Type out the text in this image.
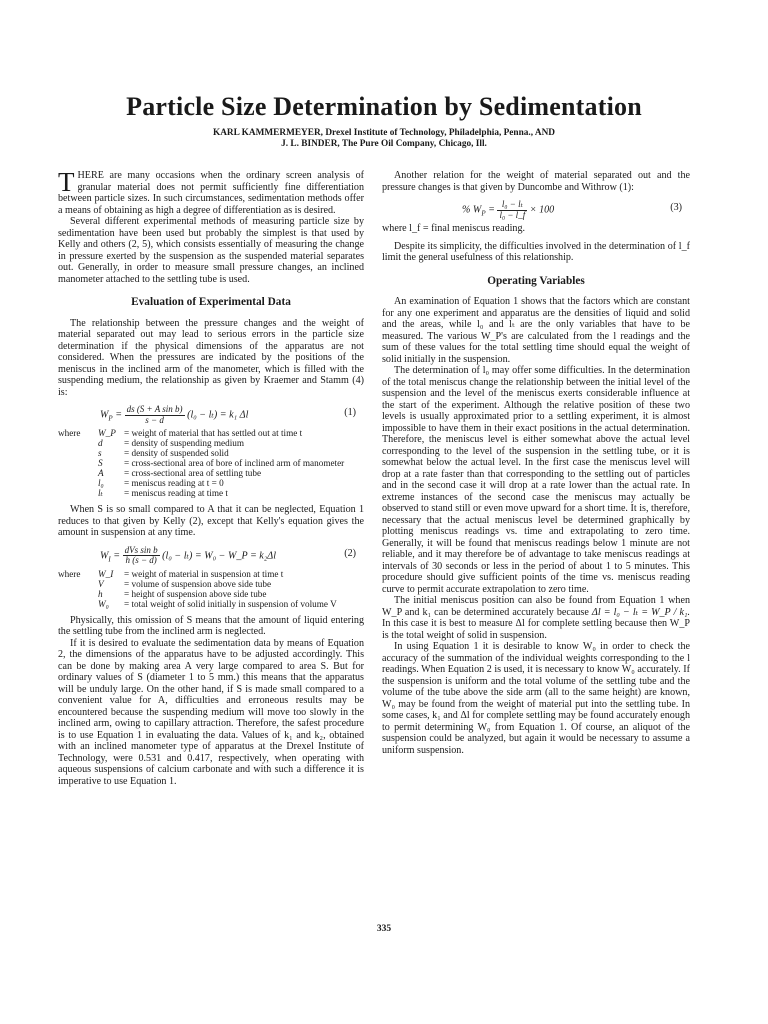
Particle Size Determination by Sedimentation
KARL KAMMERMEYER, Drexel Institute of Technology, Philadelphia, Penna., AND
J. L. BINDER, The Pure Oil Company, Chicago, Ill.

THERE are many occasions when the ordinary screen analysis of granular material does not permit sufficiently fine differentiation between particle sizes. In such circumstances, sedimentation methods offer a means of obtaining as high a degree of differentiation as is desired.

Several different experimental methods of measuring particle size by sedimentation have been used but probably the simplest is that used by Kelly and others (2, 5), which consists essentially of measuring the change in pressure exerted by the suspension as the suspended material separates out. Generally, in order to measure small pressure changes, an inclined manometer attached to the settling tube is used.

Evaluation of Experimental Data

The relationship between the pressure changes and the weight of material separated out may lead to serious errors in the particle size determination if the physical dimensions of the apparatus are not considered. When the pressures are indicated by the positions of the meniscus in the inclined arm of the manometer, which is filled with the suspending medium, the relationship as given by Kraemer and Stamm (4) is:

$W_P = \frac{\text{ds (S + A sin b)}}{s - d} (l_0 - l_t) = k_1$ Δl	(1)
where	W_P	= weight of material that has settled out at time t
	d	= density of suspending medium
	s	= density of suspended solid
	S	= cross-sectional area of bore of inclined arm of manometer
	A	= cross-sectional area of settling tube
	l₀	= meniscus reading at t = 0
	lₜ	= meniscus reading at time t

When S is so small compared to A that it can be neglected, Equation 1 reduces to that given by Kelly (2), except that Kelly's equation gives the amount in suspension at any time.

$W_I = \frac{\text{dVs sin b}}{h (s - d)} (l_0 - l_t) = W_0$ − W_P = k₂Δl	(2)
where	W_I	= weight of material in suspension at time t
	V	= volume of suspension above side tube
	h	= height of suspension above side tube
	W₀	= total weight of solid initially in suspension of volume V

Physically, this omission of S means that the amount of liquid entering the settling tube from the inclined arm is neglected.

If it is desired to evaluate the sedimentation data by means of Equation 2, the dimensions of the apparatus have to be adjusted accordingly. This can be done by making area A very large compared to area S. But for ordinary values of S (diameter 1 to 5 mm.) this means that the apparatus will be unduly large. On the other hand, if S is made small compared to a convenient value for A, difficulties and erroneous results may be encountered because the suspending medium will move too slowly in the inclined arm, owing to capillary attraction. Therefore, the safest procedure is to use Equation 1 in evaluating the data. Values of k₁ and k₂, obtained with an inclined manometer type of apparatus at the Drexel Institute of Technology, were 0.531 and 0.417, respectively, when operating with aqueous suspensions of calcium carbonate and with such a difference it is imperative to use Equation 1.

Another relation for the weight of material separated out and the pressure changes is that given by Duncombe and Withrow (1):

% $W_P = \frac{\text{l₀ − lₜ}}{\text{l₀ − l\_f}} \times 100$	(3)

where l_f = final meniscus reading.

Despite its simplicity, the difficulties involved in the determination of l_f limit the general usefulness of this relationship.

Operating Variables

An examination of Equation 1 shows that the factors which are constant for any one experiment and apparatus are the densities of liquid and solid and the areas, while l₀ and lₜ are the only variables that have to be measured. The various W_P's are calculated from the l readings and the sum of these values for the total settling time should equal the weight of solid initially in the suspension.

The determination of l₀ may offer some difficulties. In the determination of the total meniscus change the relationship between the initial level of the suspension and the level of the meniscus exerts considerable influence at the start of the experiment. Although the relative position of these two levels is usually approximated prior to a settling experiment, it is almost impossible to have them in their exact positions in the actual determination. Therefore, the meniscus level is either somewhat above the actual level corresponding to the level of the suspension in the settling tube, or it is somewhat below the actual level. In the first case the meniscus level will drop at a rate faster than that corresponding to the settling out of particles and in the second case it will drop at a rate lower than the actual rate. In extreme instances of the second case the meniscus may actually be observed to stand still or even move upward for a short time. It is, therefore, necessary that the actual meniscus level be determined graphically by plotting meniscus readings vs. time and extrapolating to zero time. Generally, it will be found that meniscus readings below 1 minute are not reliable, and it may therefore be of advantage to take meniscus readings at intervals of 30 seconds or less in the period of about 1 to 5 minutes. This procedure should give sufficient points of the time vs. meniscus reading curve to permit accurate extrapolation to zero time.

The initial meniscus position can also be found from Equation 1 when W_P and k₁ can be determined accurately because Δl = l₀ − lₜ = W_P / k₁. In this case it is best to measure Δl for complete settling because then W_P is the total weight of solid in suspension.

In using Equation 1 it is desirable to know W₀ in order to check the accuracy of the summation of the individual weights corresponding to the l readings. When Equation 2 is used, it is necessary to know W₀ accurately. If the suspension is uniform and the total volume of the settling tube and the volume of the tube above the side arm (all to the same height) are known, W₀ may be found from the weight of material put into the settling tube. In some cases, k₁ and Δl for complete settling may be found accurately enough to permit determining W₀ from Equation 1. Of course, an aliquot of the suspension could be analyzed, but again it would be necessary to assume a uniform suspension.

335
